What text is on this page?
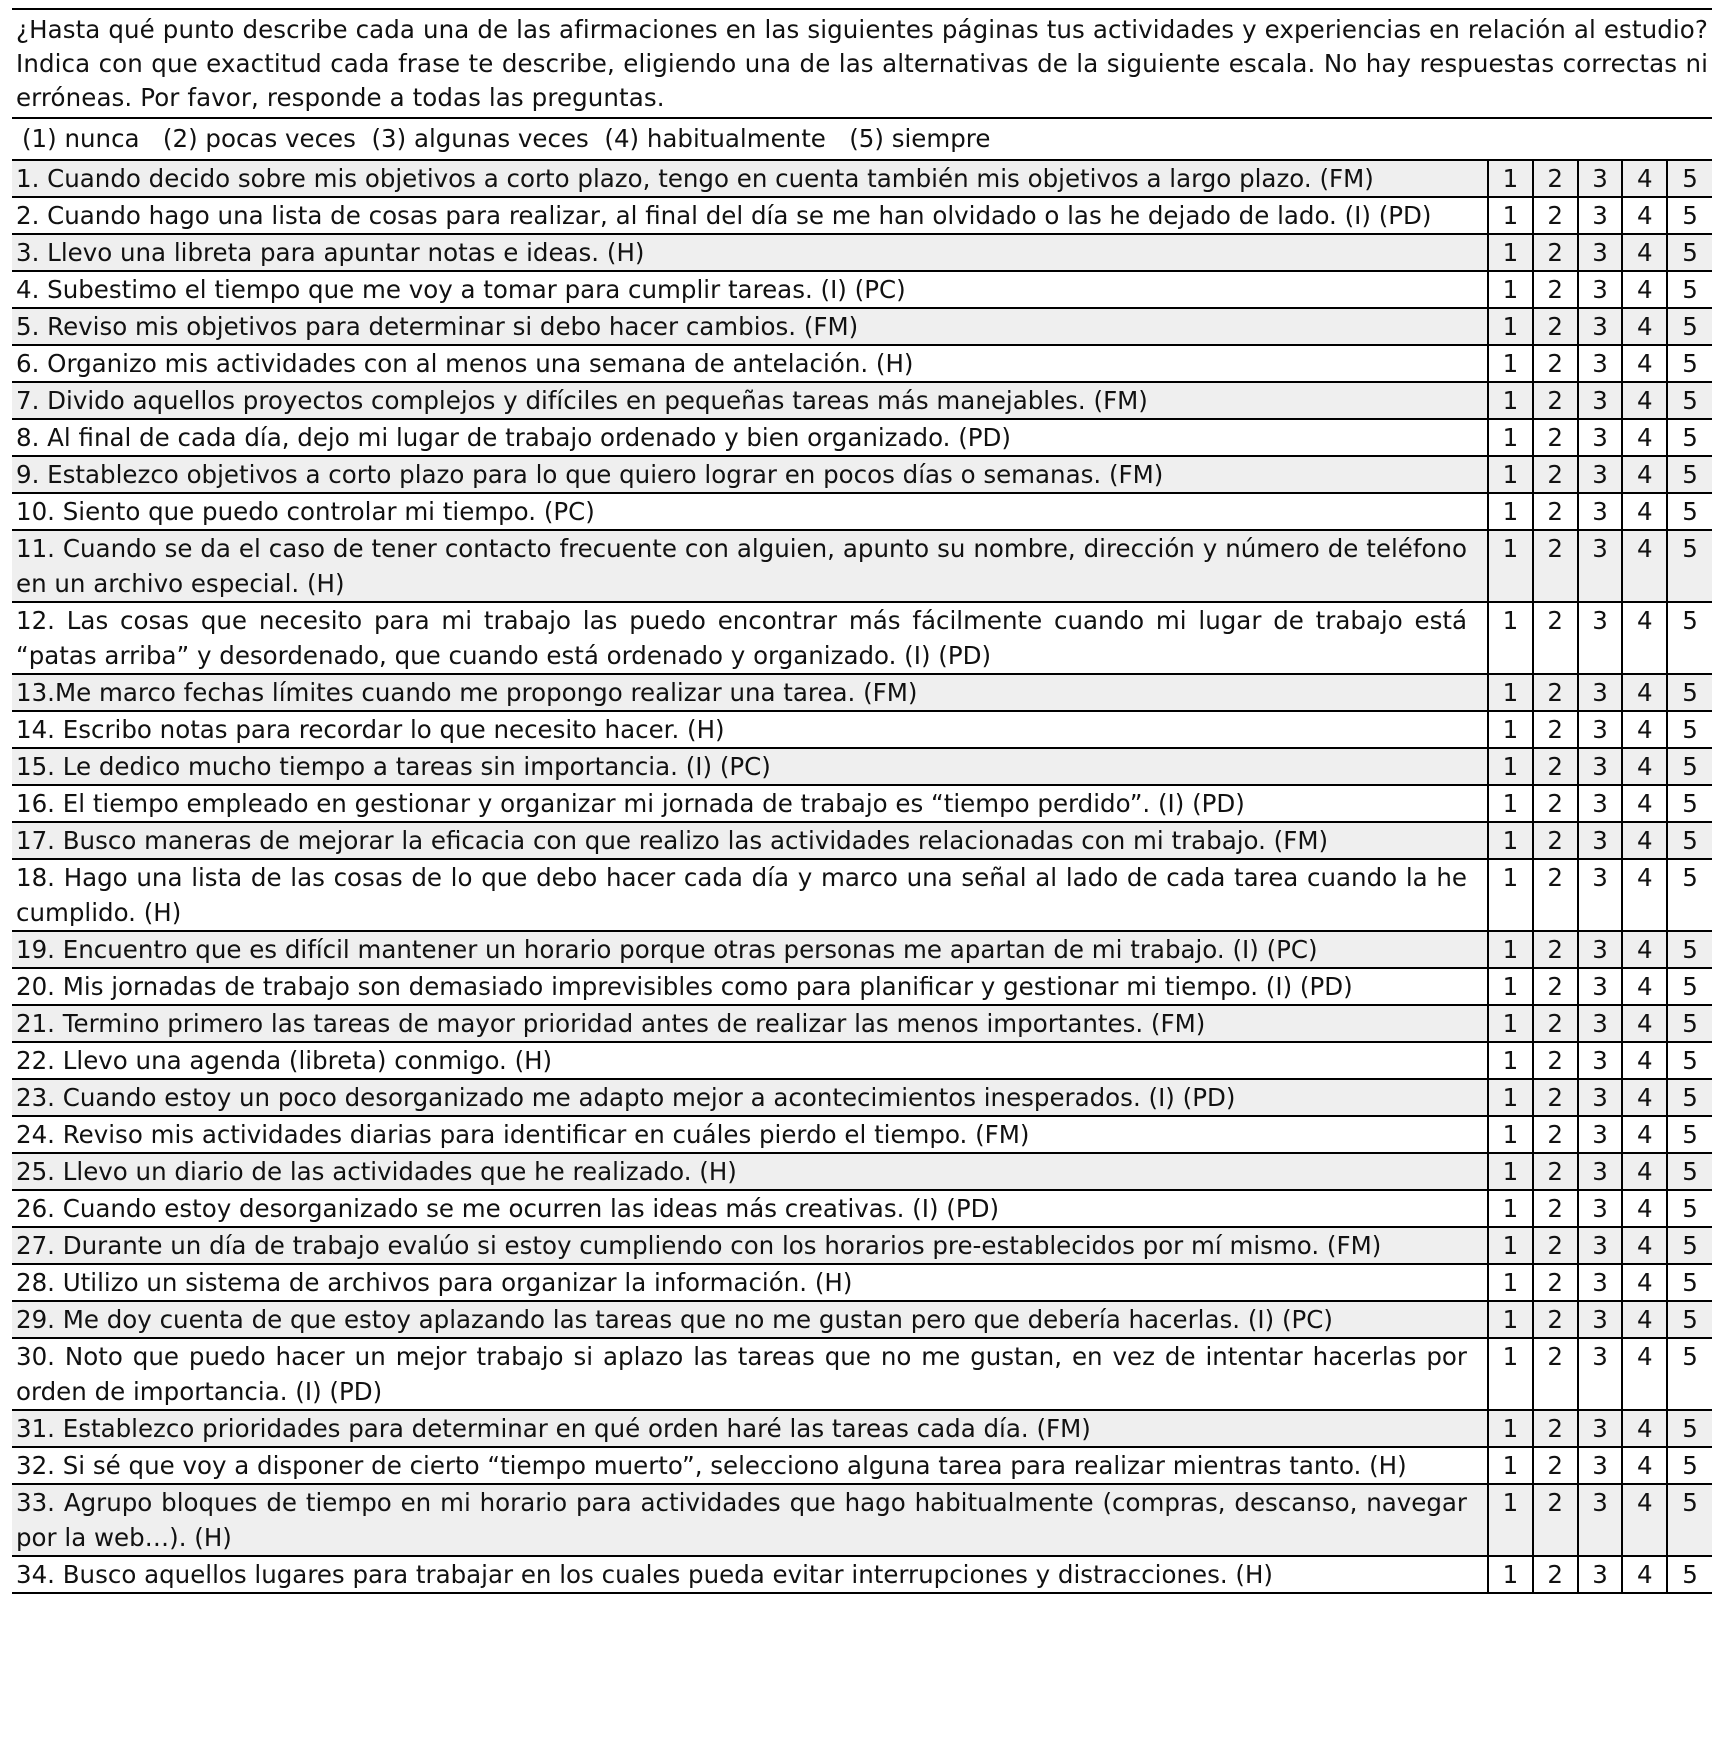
¿Hasta qué punto describe cada una de las afirmaciones en las siguientes páginas tus actividades y experiencias en relación al estudio? Indica con que exactitud cada frase te describe, eligiendo una de las alternativas de la siguiente escala. No hay respuestas correctas ni erróneas. Por favor, responde a todas las preguntas.
(1) nunca   (2) pocas veces  (3) algunas veces  (4) habitualmente   (5) siempre
1. Cuando decido sobre mis objetivos a corto plazo, tengo en cuenta también mis objetivos a largo plazo. (FM)	1	2	3	4	5
2. Cuando hago una lista de cosas para realizar, al final del día se me han olvidado o las he dejado de lado. (I) (PD)	1	2	3	4	5
3. Llevo una libreta para apuntar notas e ideas. (H)	1	2	3	4	5
4. Subestimo el tiempo que me voy a tomar para cumplir tareas. (I) (PC)	1	2	3	4	5
5. Reviso mis objetivos para determinar si debo hacer cambios. (FM)	1	2	3	4	5
6. Organizo mis actividades con al menos una semana de antelación. (H)	1	2	3	4	5
7. Divido aquellos proyectos complejos y difíciles en pequeñas tareas más manejables. (FM)	1	2	3	4	5
8. Al final de cada día, dejo mi lugar de trabajo ordenado y bien organizado. (PD)	1	2	3	4	5
9. Establezco objetivos a corto plazo para lo que quiero lograr en pocos días o semanas. (FM)	1	2	3	4	5
10. Siento que puedo controlar mi tiempo. (PC)	1	2	3	4	5
11. Cuando se da el caso de tener contacto frecuente con alguien, apunto su nombre, dirección y número de teléfono en un archivo especial. (H)	1	2	3	4	5
12. Las cosas que necesito para mi trabajo las puedo encontrar más fácilmente cuando mi lugar de trabajo está “patas arriba” y desordenado, que cuando está ordenado y organizado. (I) (PD)	1	2	3	4	5
13.Me marco fechas límites cuando me propongo realizar una tarea. (FM)	1	2	3	4	5
14. Escribo notas para recordar lo que necesito hacer. (H)	1	2	3	4	5
15. Le dedico mucho tiempo a tareas sin importancia. (I) (PC)	1	2	3	4	5
16. El tiempo empleado en gestionar y organizar mi jornada de trabajo es “tiempo perdido”. (I) (PD)	1	2	3	4	5
17. Busco maneras de mejorar la eficacia con que realizo las actividades relacionadas con mi trabajo. (FM)	1	2	3	4	5
18. Hago una lista de las cosas de lo que debo hacer cada día y marco una señal al lado de cada tarea cuando la he cumplido. (H)	1	2	3	4	5
19. Encuentro que es difícil mantener un horario porque otras personas me apartan de mi trabajo. (I) (PC)	1	2	3	4	5
20. Mis jornadas de trabajo son demasiado imprevisibles como para planificar y gestionar mi tiempo. (I) (PD)	1	2	3	4	5
21. Termino primero las tareas de mayor prioridad antes de realizar las menos importantes. (FM)	1	2	3	4	5
22. Llevo una agenda (libreta) conmigo. (H)	1	2	3	4	5
23. Cuando estoy un poco desorganizado me adapto mejor a acontecimientos inesperados. (I) (PD)	1	2	3	4	5
24. Reviso mis actividades diarias para identificar en cuáles pierdo el tiempo. (FM)	1	2	3	4	5
25. Llevo un diario de las actividades que he realizado. (H)	1	2	3	4	5
26. Cuando estoy desorganizado se me ocurren las ideas más creativas. (I) (PD)	1	2	3	4	5
27. Durante un día de trabajo evalúo si estoy cumpliendo con los horarios pre-establecidos por mí mismo. (FM)	1	2	3	4	5
28. Utilizo un sistema de archivos para organizar la información. (H)	1	2	3	4	5
29. Me doy cuenta de que estoy aplazando las tareas que no me gustan pero que debería hacerlas. (I) (PC)	1	2	3	4	5
30. Noto que puedo hacer un mejor trabajo si aplazo las tareas que no me gustan, en vez de intentar hacerlas por orden de importancia. (I) (PD)	1	2	3	4	5
31. Establezco prioridades para determinar en qué orden haré las tareas cada día. (FM)	1	2	3	4	5
32. Si sé que voy a disponer de cierto “tiempo muerto”, selecciono alguna tarea para realizar mientras tanto. (H)	1	2	3	4	5
33. Agrupo bloques de tiempo en mi horario para actividades que hago habitualmente (compras, descanso, navegar por la web…). (H)	1	2	3	4	5
34. Busco aquellos lugares para trabajar en los cuales pueda evitar interrupciones y distracciones. (H)	1	2	3	4	5
